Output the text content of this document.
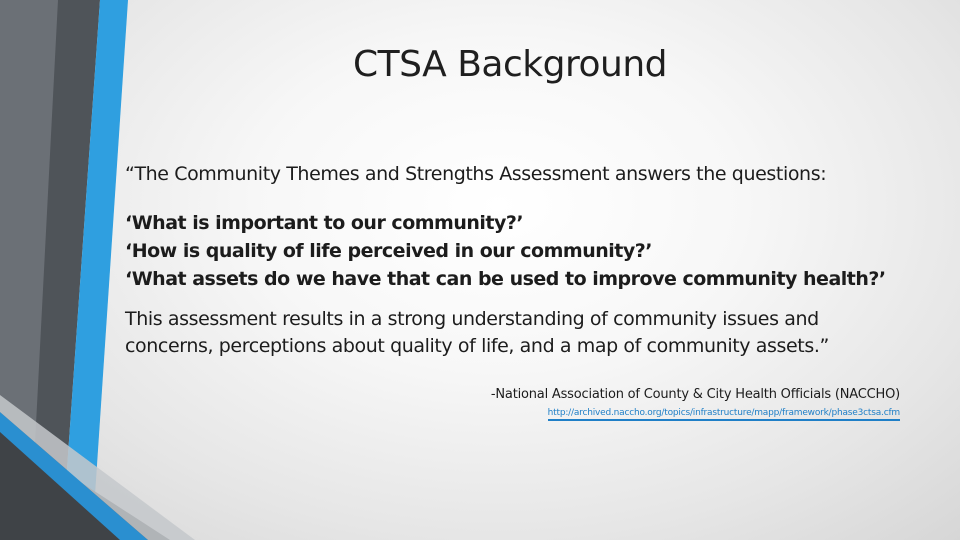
CTSA Background
“The Community Themes and Strengths Assessment answers the questions:
‘What is important to our community?’
‘How is quality of life perceived in our community?’
‘What assets do we have that can be used to improve community health?’
This assessment results in a strong understanding of community issues and concerns, perceptions about quality of life, and a map of community assets.”
-National Association of County & City Health Officials (NACCHO)
http://archived.naccho.org/topics/infrastructure/mapp/framework/phase3ctsa.cfm
